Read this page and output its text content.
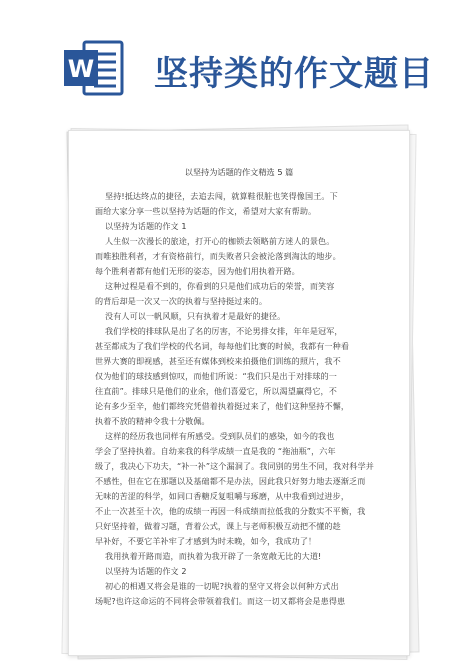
W 坚持类的作文题目
以坚持为话题的作文精选 5 篇
坚持!抵达终点的捷径，去追去闯，就算鞋很脏也笑得像国王。下
面给大家分享一些以坚持为话题的作文，希望对大家有帮助。
以坚持为话题的作文 1
人生似一次漫长的旅途，打开心的枷锁去领略前方迷人的景色。
而唯独胜利者，才有资格前行，而失败者只会被沦落到淘汰的地步。
每个胜利者都有他们无形的姿态，因为他们用执着开路。
这种过程是看不到的，你看到的只是他们成功后的荣誉，而笑容
的背后却是一次又一次的执着与坚持挺过来的。
没有人可以一帆风顺，只有执着才是最好的捷径。
我们学校的排球队是出了名的厉害，不论男排女排，年年是冠军，
甚至都成为了我们学校的代名词，每每他们比赛的时候，我都有一种看
世界大赛的即视感，甚至还有媒体到校来拍摄他们训练的照片，我不
仅为他们的球技感到惊叹，而他们所说：“我们只是出于对排球的一
往直前”。排球只是他们的业余，他们喜爱它，所以渴望赢得它，不
论有多少至辛，他们都终究凭借着执着挺过来了，他们这种坚持不懈，
执着不放的精神令我十分敬佩。
这样的经历我也同样有所感受。受到队员们的感染，如今的我也
学会了坚持执着。自幼来我的科学成绩一直是我的 “拖油瓶”，六年
级了，我决心下功夫，“补一补”这个漏洞了。我同别的男生不同，我对科学并
不感性，但在它在那题以及基础都不是办法，因此我只好努力地去逐渐乏而
无味的苦涩的科学，如同口香糖反复咀嚼与琢磨，从中我看到过进步，
不止一次甚至十次，他的成绩一再因一科成绩而拉低我的分数实不平衡，我
只好坚持着，做着习题，背着公式，课上与老师积极互动把不懂的趁
早补好，不要它羊补牢了才感到为时未晚，如今，我成功了！
我用执着开路而造，而执着为我开辟了一条宽敞无比的大道!
以坚持为话题的作文 2
初心的相遇又将会是谁的一切呢?执着的坚守又将会以何种方式出
场呢?也许这命运的不同将会带领着我们。而这一切又都将会是患得患
